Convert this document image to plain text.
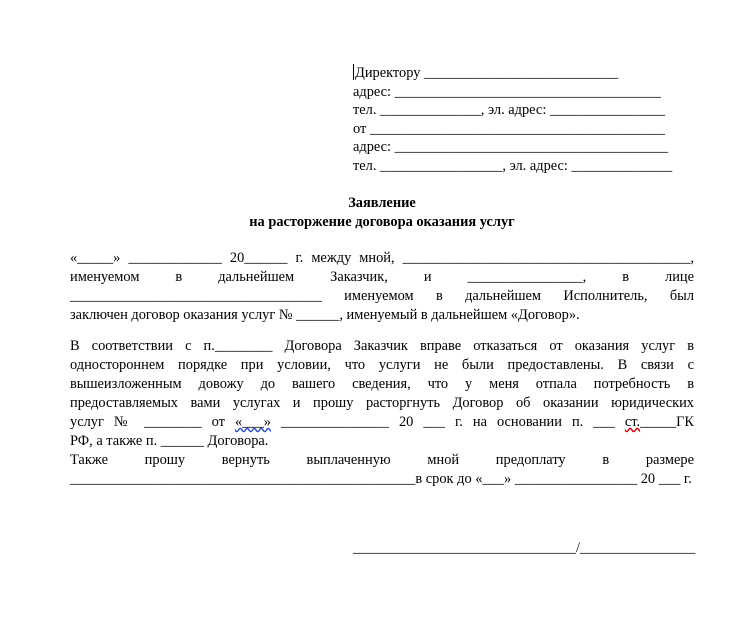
Директору ___________________________
адрес: _____________________________________
тел. ______________, эл. адрес: ________________
от _________________________________________
адрес: ______________________________________
тел. _________________, эл. адрес: ______________
Заявление
на расторжение договора оказания услуг
«_____» _____________ 20______ г. между мной, ________________________________________,
именуемом в дальнейшем Заказчик, и ________________, в лице
___________________________________ именуемом в дальнейшем Исполнитель, был
заключен договор оказания услуг № ______, именуемый в дальнейшем «Договор».
В соответствии с п.________ Договора Заказчик вправе отказаться от оказания услуг в
одностороннем порядке при условии, что услуги не были предоставлены. В связи с
вышеизложенным довожу до вашего сведения, что у меня отпала потребность в
предоставляемых вами услугах и прошу расторгнуть Договор об оказании юридических
услуг № ________ от «___» _______________ 20 ___ г. на основании п. ___ ст._____ГК
РФ, а также п. ______ Договора.
Также прошу вернуть выплаченную мной предоплату в размере
________________________________________________в срок до «___» _________________ 20 ___ г.
_______________________________/________________
